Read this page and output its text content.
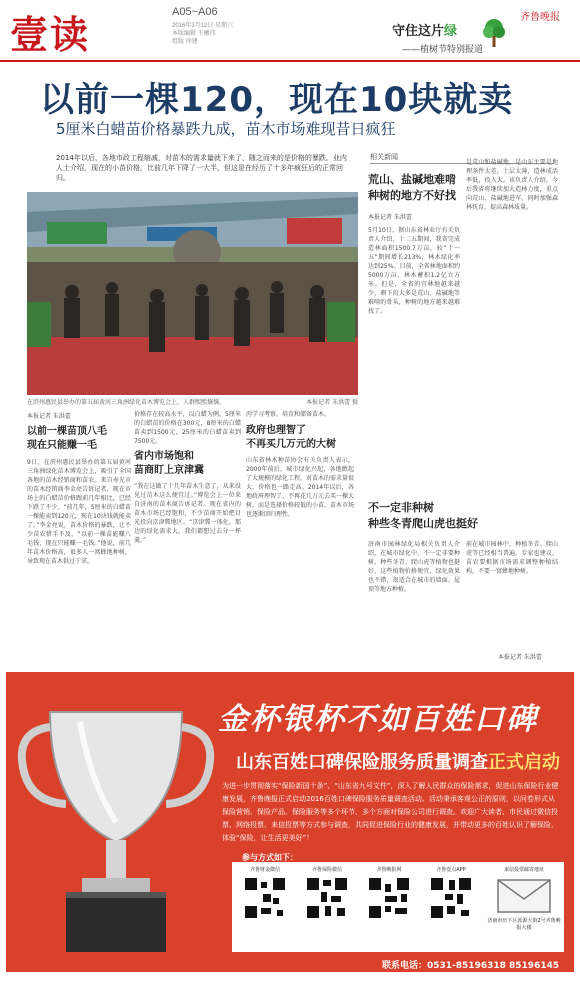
壹读	A05~A06
2016年3月12日 星期六
本版编辑 王曦伟
组版 徐建
守住这片绿
——植树节特别报道
齐鲁晚报
以前一棵120，现在10块就卖
5厘米白蜡苗价格暴跌九成，苗木市场难现昔日疯狂
2014年以后，各地市政工程缩减，对苗木的需求量就下来了，随之而来的是价格的暴跌。业内人士介绍，现在的小苗价格，比前几年下降了一大半，但这是在经历了十多年疯狂后的正常回归。
在滨州惠民县举办的第五届黄河三角洲绿化苗木博览会上，人群熙熙攘攘。	本报记者 朱洪蕾 摄
本报记者 朱洪蕾
以前一棵苗顶八毛
现在只能赚一毛
9日，在滨州惠民县举办的第五届黄河三角洲绿化苗木博览会上，吸引了全国各地的苗木经销商和苗农。来自寿光市的苗木经销商李金亮告诉记者，现在市场上的白蜡苗价格跟前几年相比，已经下跌了不少。“前几年，5厘米的白蜡苗一棵能卖到120元，现在10块钱就能卖了。”李金亮说，苗木价格的暴跌，让不少苗农措手不及。“以前一棵苗能赚八毛钱，现在只能赚一毛钱。”他说，前几年苗木价格高，很多人一窝蜂地种树，导致现在苗木供过于求。
价格存在较高水平，以白蜡为例，5厘米的白蜡苗的价格在300元，8厘米的白蜡苗卖到1500元，25厘米的白蜡苗卖到7500元。
省内市场饱和
苗商盯上京津冀
“我在这做了十几年苗木生意了，从来没见过苗木这么便宜过。”博览会上一位来自济南的苗木商告诉记者。现在省内的苗木市场已经饱和，不少苗商开始把目光投向京津冀地区。“京津冀一体化，那边的绿化需求大，我们都想过去分一杯羹。”
丙学习考察，培育和储备苗木。
政府也理智了
不再买几万元的大树
山东省林木种苗协会有关负责人表示，2000年前后，城市绿化兴起，各地掀起了大规模的绿化工程，对苗木的需求量很大，价格也一路走高。2014年以后，各地政府理智了，不再花几万元去买一棵大树，而是选择价格较低的小苗，苗木市场也逐渐回归理性。
相关新闻
荒山、盐碱地难啃
种树的地方不好找
本报记者 朱洪蕾
5月10日，据山东省林业厅有关负责人介绍，十二五期间，我省完成造林面积1500.7万亩，较“十一五”期间增长213%，林木绿化率达到25%。目前，全省林地面积约5000万亩，林木蓄积1.2亿立方米。但是，全省的宜林地越来越少，剩下的大多是荒山、盐碱地等难啃的骨头，种树的地方越来越难找了。
是荒山和盐碱地，是山东主要是地理条件太差，土层太薄，造林成活率低，投入大。该负责人介绍，今后我省将继续加大造林力度，重点向荒山、盐碱地进军，同时加强森林抚育，提高森林质量。
不一定非种树
种些冬青爬山虎也挺好
济南市园林绿化局相关负责人介绍，在城市绿化中，不一定非要种树，种些冬青、爬山虎等植物也挺好。这些植物价格便宜，绿化效果也不错，很适合在城市的墙面、屋顶等地方种植。
前在城市园林中，种植冬青、爬山虎等已经相当普遍。专家也建议，苗农要根据市场需求调整种植结构，不要一窝蜂地种树。
本报记者 朱洪蕾
金杯银杯不如百姓口碑
山东百姓口碑保险服务质量调查正式启动
为进一步贯彻落实“保险新国十条”、“山东省九号文件”，深入了解人民群众的保险需求，促进山东保险行业健康发展，齐鲁晚报正式启动2016百姓口碑保险服务质量调查活动。活动秉承客观公正的原则，以问卷形式从保险营销、保险产品、保险服务等多个环节、多个方面对保险公司进行调查。欢迎广大读者、市民通过微信投票、网络投票、来信投票等方式参与调查，共同促进保险行业的健康发展，并带动更多的百姓认识了解保险，体验“保险，让生活更美好”！
参与方式如下：
齐鲁财金微信	齐鲁保险微信	齐鲁晚报网	齐鲁壹点APP	来信投票邮寄地址
济南市历下区泺源大街2号齐鲁晚报大楼
联系电话：0531-85196318 85196145
